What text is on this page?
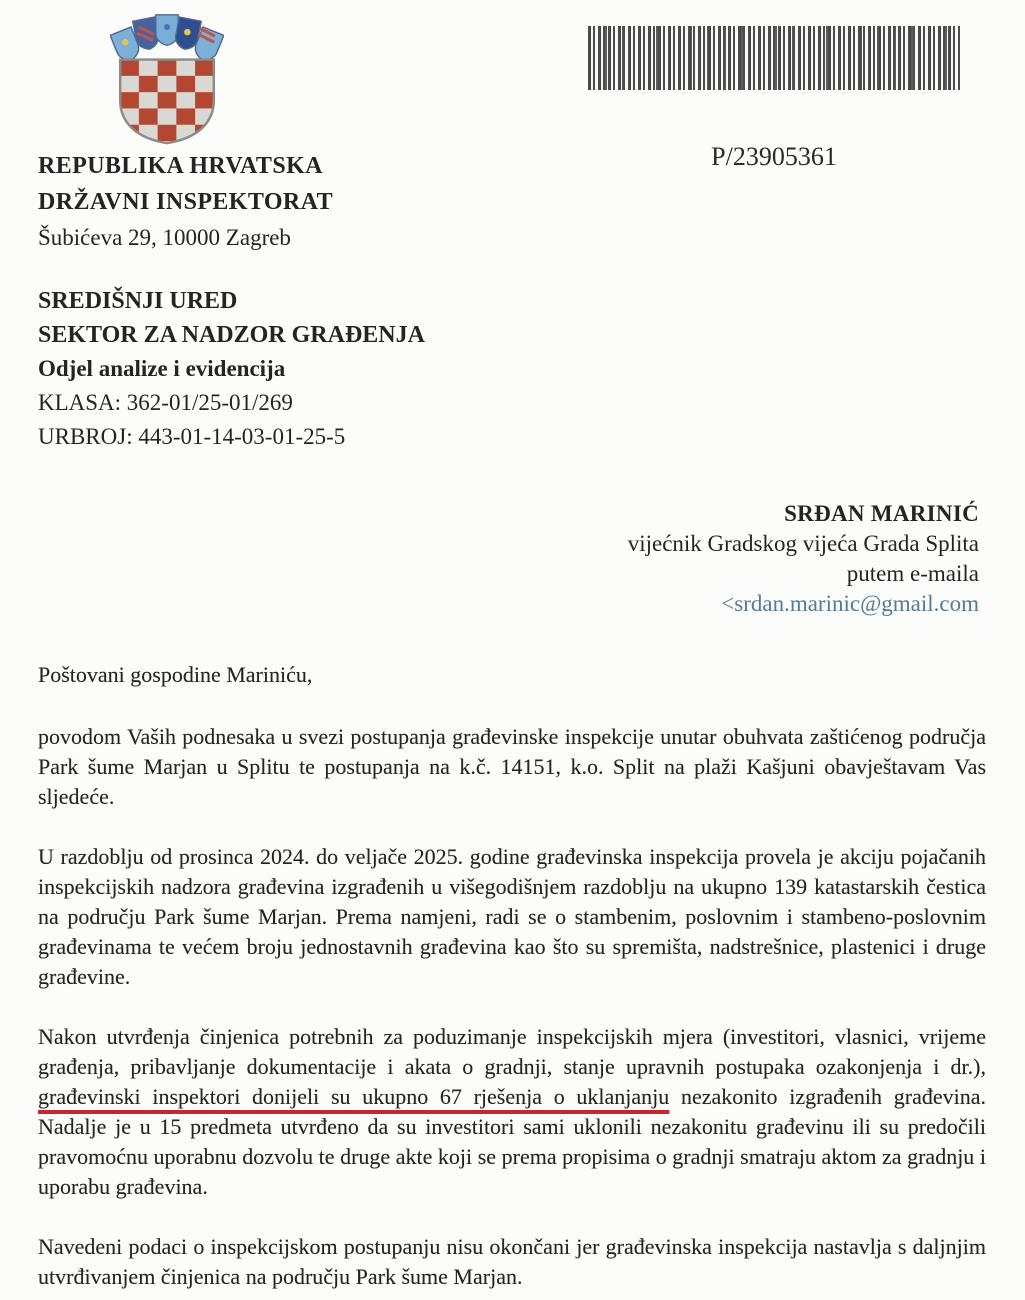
P/23905361
REPUBLIKA HRVATSKA
DRŽAVNI INSPEKTORAT
Šubićeva 29, 10000 Zagreb
SREDIŠNJI URED
SEKTOR ZA NADZOR GRAĐENJA
Odjel analize i evidencija
KLASA: 362-01/25-01/269
URBROJ: 443-01-14-03-01-25-5
SRĐAN MARINIĆ
vijećnik Gradskog vijeća Grada Splita
putem e-maila
<srdan.marinic@gmail.com

Poštovani gospodine Mariniću,

povodom Vaših podnesaka u svezi postupanja građevinske inspekcije unutar obuhvata zaštićenog područja Park šume Marjan u Splitu te postupanja na k.č. 14151, k.o. Split na plaži Kašjuni obavještavam Vas sljedeće.

U razdoblju od prosinca 2024. do veljače 2025. godine građevinska inspekcija provela je akciju pojačanih inspekcijskih nadzora građevina izgrađenih u višegodišnjem razdoblju na ukupno 139 katastarskih čestica na području Park šume Marjan. Prema namjeni, radi se o stambenim, poslovnim i stambeno-poslovnim građevinama te većem broju jednostavnih građevina kao što su spremišta, nadstrešnice, plastenici i druge građevine.

Nakon utvrđenja činjenica potrebnih za poduzimanje inspekcijskih mjera (investitori, vlasnici, vrijeme građenja, pribavljanje dokumentacije i akata o gradnji, stanje upravnih postupaka ozakonjenja i dr.), građevinski inspektori donijeli su ukupno 67 rješenja o uklanjanju nezakonito izgrađenih građevina. Nadalje je u 15 predmeta utvrđeno da su investitori sami uklonili nezakonitu građevinu ili su predočili pravomoćnu uporabnu dozvolu te druge akte koji se prema propisima o gradnji smatraju aktom za gradnju i uporabu građevina.

Navedeni podaci o inspekcijskom postupanju nisu okončani jer građevinska inspekcija nastavlja s daljnjim utvrđivanjem činjenica na području Park šume Marjan.
